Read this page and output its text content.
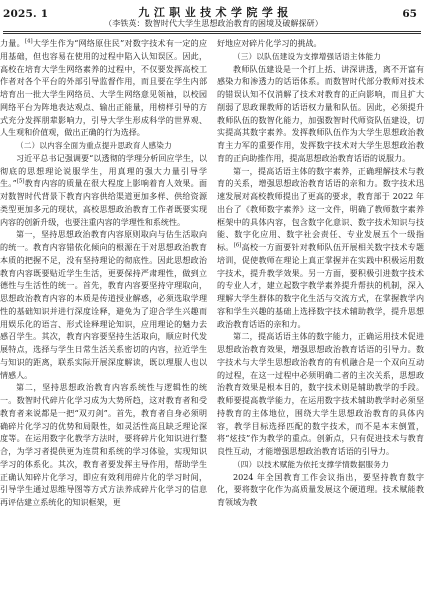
2025. 1	九 江 职 业 技 术 学 院 学 报
（李铁英：数智时代大学生思想政治教育的困境及破解探研）
65

力量。[4]大学生作为“网络原住民”对数字技术有一定的应用基础，但也容易在使用的过程中陷入认知误区。因此，高校在培育大学生网络素养的过程中，不仅要发挥高校工作者对各个平台的外部引导监督作用，而且要在学生内部培育出一批大学生网络员、大学生网络意见领袖，以校园网络平台为阵地表达观点、输出正能量，用榜样引导的方式充分发挥朋辈影响力，引导大学生形成科学的世界观、人生观和价值观，做出正确的行为选择。

（二）以内容全面为重点提升思政育人感染力

习近平总书记强调要“以透彻的学理分析回应学生，以彻底的思想理论说服学生，用真理的强大力量引导学生。”[5]教育内容的质量在很大程度上影响着育人效果。面对数智时代背景下教育内容供给渠道更加多样、供给资源类型更加多元的现状，高校思想政治教育工作者既要实现内容的创新升级，也要注重内容的学理性和系统性。

第一，坚持思想政治教育内容原则取向与估生活取向的统一。教育内容错依化倾向的根源在于对思想政治教育本质的把握不足，没有坚持理论的彻底性。因此思想政治教育内容既要贴近学生生活，更要保持严肃理性，做到立德性与生活性的统一。首先，教育内容要坚持守理取向，思想政治教育内容的本质是传道授业解惑，必须选取学理性的基础知识并进行深度诠释，避免为了迎合学生兴趣而用娱乐化的语言、形式诠释理论知识，应用理论的魅力去感召学生。其次，教育内容要坚持生活取向，顺应时代发展特点，选择与学生日常生活关系密切的内容，拉近学生与知识的距离，联系实际开展深度解读，既以理服人也以情感人。

第二，坚持思想政治教育内容系统性与逻辑性的统一。数智时代碎片化学习成为大势所趋，这对教育者和受教育者来说都是一把“双刃剑”。首先，教育者自身必须明确碎片化学习的优势和局限性，如灵活性高且缺乏理论深度等。在运用数字化教学方法时，要将碎片化知识进行整合，为学习者提供更为连贯和系统的学习体验，实现知识学习的体系化。其次，教育者要发挥主导作用，帮助学生正确认知碎片化学习，即应有效利用碎片化的学习时间，引导学生通过思维导图等方式方法养成碎片化学习的信息再评估建立系统化的知识框架，更

好地应对碎片化学习的挑战。

（三）以队伍建设为支撑增强话语主体能力

教师队伍建设是一个打上括、讲深讲透，离不开富有感染力和渗透力的话语体系。而数智时代部分教师对技术的错误认知不仅消解了技术对教育的正向影响，而且扩大削弱了思政课教师的话语权力量和队伍。因此，必须提升教师队伍的数智化能力，加强数智时代师资队伍建设，切实提高其数字素养。发挥教师队伍作为大学生思想政治教育主力军的重要作用，发挥数字技术对大学生思想政治教育的正向助推作用，提高思想政治教育话语的说服力。

第一，提高话语主体的数字素养，正确理解技术与教育的关系，增强思想政治教育话语的亲和力。数字技术迅速发展对高校教师提出了更高的要求，教育部于 2022 年出台了《教师数字素养》这一文件，明确了教师数字素养框架中的具体内容，包含数字化意识、数字技术知识与技能、数字化应用、数字社会责任、专业发展五个一级指标。[6]高校一方面要针对教师队伍开展相关数字技术专题培训，促使教师在理论上真正掌握并在实践中积极运用数字技术，提升教学效果。另一方面，要积极引进数字技术的专业人才，建立起数字教学素养提升帮扶的机制，深入理解大学生群体的数字化生活与交流方式，在掌握教学内容和学生兴趣的基础上选择数字技术辅助教学，提升思想政治教育话语的亲和力。

第二，提高话语主体的数字能力，正确运用技术促进思想政治教育效果，增强思想政治教育话语的引导力。数字技术与大学生思想政治教育的有机融合是一个双向互动的过程，在这一过程中必须明确二者的主次关系，思想政治教育效果是根本目的，数字技术则是辅助教学的手段。教师要提高教学能力，在运用数字技术辅助教学时必须坚持教育的主体地位，围绕大学生思想政治教育的具体内容，教学目标选择匹配的数字技术，而不是本末倒置，将“炫技”作为教学的重点。创新点，只有促进技术与教育良性互动，才能增强思想政治教育话语的引导力。

（四）以技术赋能为依托支撑学情数据服务力

2024 年全国教育工作会议指出，要坚持教育数字化，要将数字化作为高质量发展这个硬道理。技术赋能教育领域为教
